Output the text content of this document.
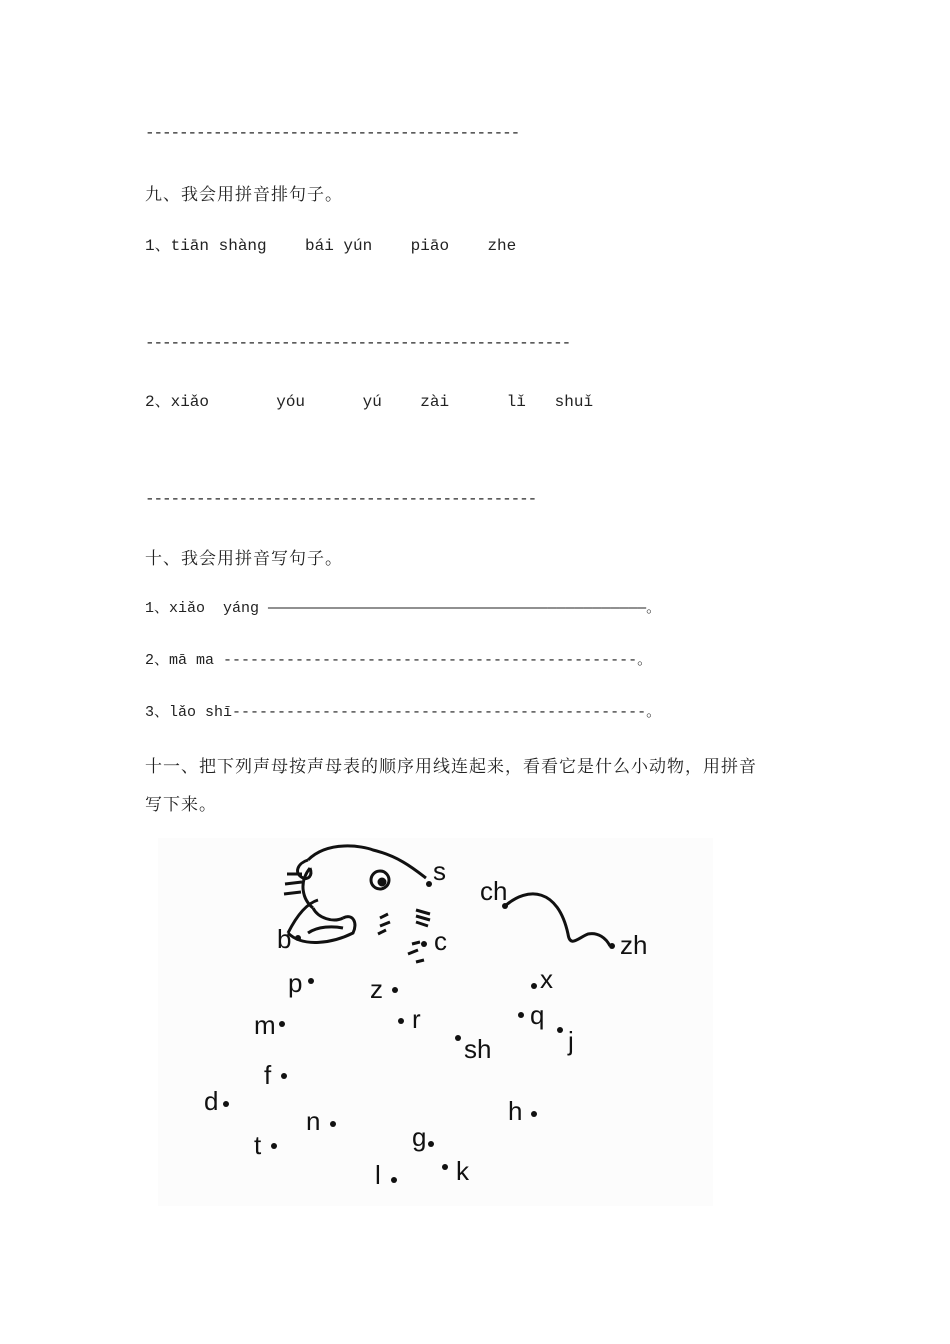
--------------------------------------------
九、我会用拼音排句子。
1、tiān shàng    bái yún    piāo    zhe
--------------------------------------------------
2、xiǎo       yóu      yú    zài      lǐ   shuǐ
----------------------------------------------
十、我会用拼音写句子。
1、xiǎo  yáng ——————————————————————————————————————————。
2、mā ma ----------------------------------------------。
3、lǎo shī----------------------------------------------。
十一、把下列声母按声母表的顺序用线连起来，看看它是什么小动物，用拼音
写下来。
s
ch
zh
b	c
p	z	x
m	r	q
j
sh
f
d	h
n
t	g
k
l
